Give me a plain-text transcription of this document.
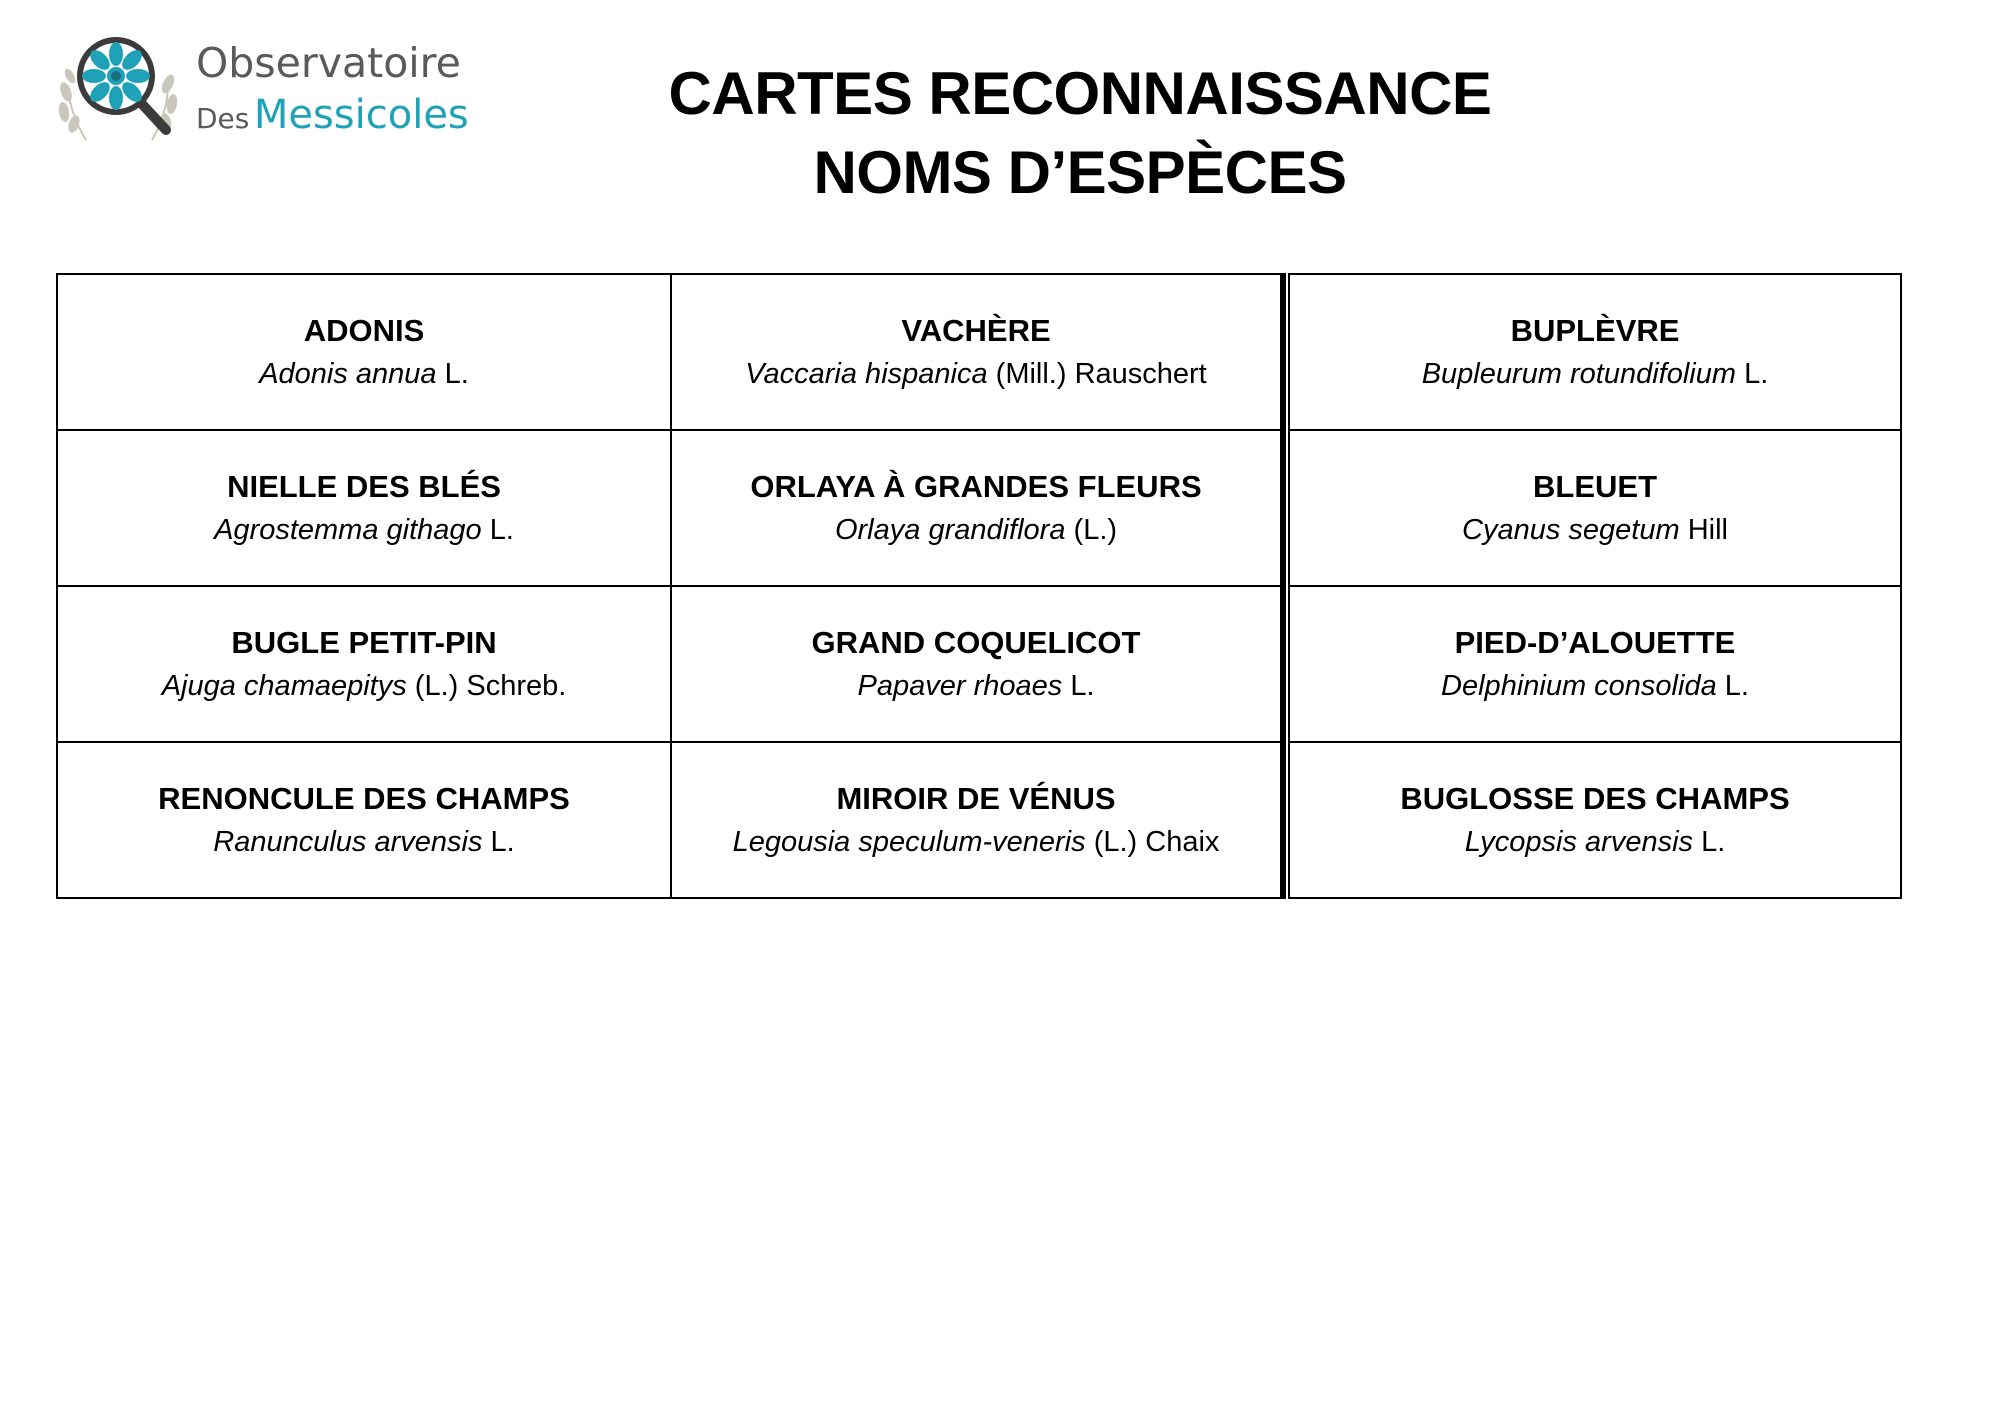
Observatoire
Des Messicoles	CARTES RECONNAISSANCE
NOMS D’ESPÈCES
ADONIS
Adonis annua L.
VACHÈRE
Vaccaria hispanica (Mill.) Rauschert
BUPLÈVRE
Bupleurum rotundifolium L.
NIELLE DES BLÉS
Agrostemma githago L.
ORLAYA À GRANDES FLEURS
Orlaya grandiflora (L.)
BLEUET
Cyanus segetum Hill
BUGLE PETIT-PIN
Ajuga chamaepitys (L.) Schreb.
GRAND COQUELICOT
Papaver rhoaes L.
PIED-D’ALOUETTE
Delphinium consolida L.
RENONCULE DES CHAMPS
Ranunculus arvensis L.
MIROIR DE VÉNUS
Legousia speculum-veneris (L.) Chaix
BUGLOSSE DES CHAMPS
Lycopsis arvensis L.
